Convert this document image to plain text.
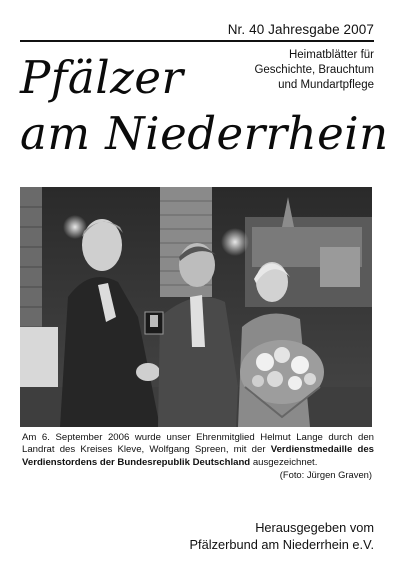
Nr. 40 Jahresgabe 2007
Heimatblätter für
Geschichte, Brauchtum
und Mundartpflege
Pfälzer
am Niederrhein
Am 6. September 2006 wurde unser Ehrenmitglied Helmut Lange durch den Landrat des Kreises Kleve, Wolfgang Spreen, mit der Verdienstmedaille des Verdienstordens der Bundesrepublik Deutschland ausgezeichnet.
(Foto: Jürgen Graven)
Herausgegeben vom
Pfälzerbund am Niederrhein e.V.
